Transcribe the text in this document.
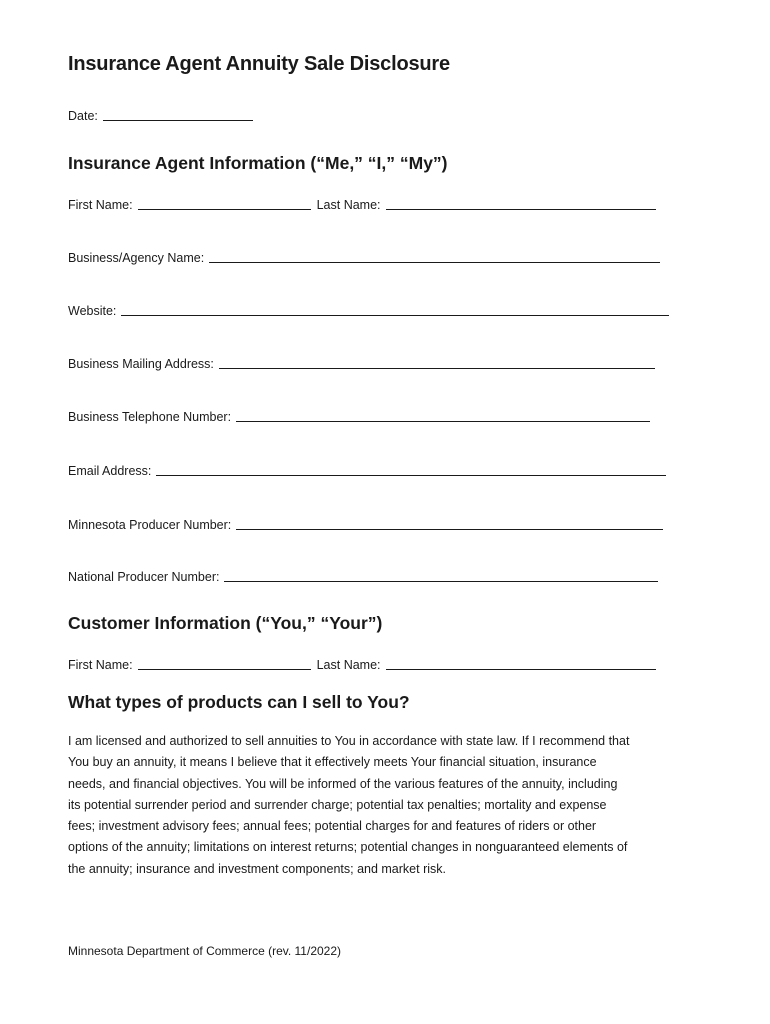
Insurance Agent Annuity Sale Disclosure
Date:
Insurance Agent Information (“Me,” “I,” “My”)
First Name:	Last Name:
Business/Agency Name:
Website:
Business Mailing Address:
Business Telephone Number:
Email Address:
Minnesota Producer Number:
National Producer Number:
Customer Information (“You,” “Your”)
First Name:	Last Name:
What types of products can I sell to You?
I am licensed and authorized to sell annuities to You in accordance with state law. If I recommend that
You buy an annuity, it means I believe that it effectively meets Your financial situation, insurance
needs, and financial objectives. You will be informed of the various features of the annuity, including
its potential surrender period and surrender charge; potential tax penalties; mortality and expense
fees; investment advisory fees; annual fees; potential charges for and features of riders or other
options of the annuity; limitations on interest returns; potential changes in nonguaranteed elements of
the annuity; insurance and investment components; and market risk.
Minnesota Department of Commerce (rev. 11/2022)
